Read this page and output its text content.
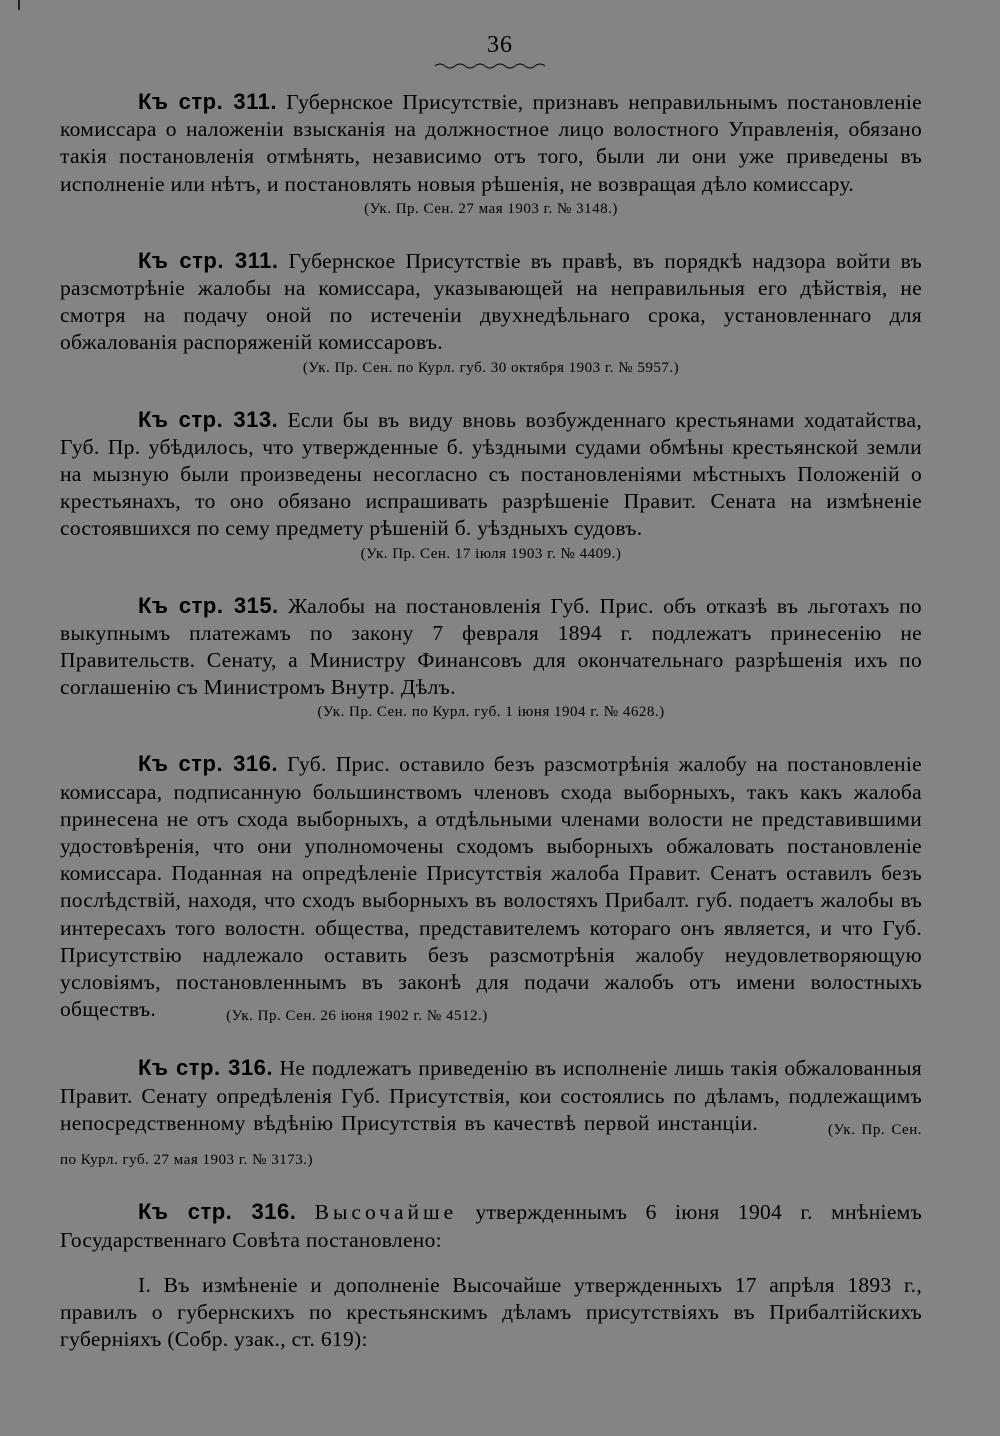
36

Къ стр. 311. Губернское Присутствіе, признавъ неправильнымъ постановленіе комиссара о наложеніи взысканія на должностное лицо волостного Управленія, обязано такія постановленія отмѣнять, независимо отъ того, были ли они уже приведены въ исполненіе или нѣтъ, и постановлять новыя рѣшенія, не возвращая дѣло комиссару.

(Ук. Пр. Сен. 27 мая 1903 г. № 3148.)

Къ стр. 311. Губернское Присутствіе въ правѣ, въ порядкѣ надзора войти въ разсмотрѣніе жалобы на комиссара, указывающей на неправильныя его дѣйствія, не смотря на подачу оной по истеченіи двухнедѣльнаго срока, установленнаго для обжалованія распоряженій комиссаровъ.

(Ук. Пр. Сен. по Курл. губ. 30 октября 1903 г. № 5957.)

Къ стр. 313. Если бы въ виду вновь возбужденнаго крестьянами ходатайства, Губ. Пр. убѣдилось, что утвержденные б. уѣздными судами обмѣны крестьянской земли на мызную были произведены несогласно съ постановленіями мѣстныхъ Положеній о крестьянахъ, то оно обязано испрашивать разрѣшеніе Правит. Сената на измѣненіе состоявшихся по сему предмету рѣшеній б. уѣздныхъ судовъ.

(Ук. Пр. Сен. 17 іюля 1903 г. № 4409.)

Къ стр. 315. Жалобы на постановленія Губ. Прис. объ отказѣ въ льготахъ по выкупнымъ платежамъ по закону 7 февраля 1894 г. подлежатъ принесенію не Правительств. Сенату, а Министру Финансовъ для окончательнаго разрѣшенія ихъ по соглашенію съ Министромъ Внутр. Дѣлъ.

(Ук. Пр. Сен. по Курл. губ. 1 іюня 1904 г. № 4628.)

Къ стр. 316. Губ. Прис. оставило безъ разсмотрѣнія жалобу на постановленіе комиссара, подписанную большинствомъ членовъ схода выборныхъ, такъ какъ жалоба принесена не отъ схода выборныхъ, а отдѣльными членами волости не представившими удостовѣренія, что они уполномочены сходомъ выборныхъ обжаловать постановленіе комиссара. Поданная на опредѣленіе Присутствія жалоба Правит. Сенатъ оставилъ безъ послѣдствій, находя, что сходъ выборныхъ въ волостяхъ Прибалт. губ. подаетъ жалобы въ интересахъ того волостн. общества, представителемъ котораго онъ является, и что Губ. Присутствію надлежало оставить безъ разсмотрѣнія жалобу неудовлетворяющую условіямъ, постановленнымъ въ законѣ для подачи жалобъ отъ имени волостныхъ обществъ.	(Ук. Пр. Сен. 26 іюня 1902 г. № 4512.)

Къ стр. 316. Не подлежатъ приведенію въ исполненіе лишь такія обжалованныя Правит. Сенату опредѣленія Губ. Присутствія, кои состоялись по дѣламъ, подлежащимъ непосредственному вѣдѣнію Присутствія въ качествѣ первой инстанціи.	(Ук. Пр. Сен. по Курл. губ. 27 мая 1903 г. № 3173.)

Къ стр. 316. Высочайше утвержденнымъ 6 іюня 1904 г. мнѣніемъ Государственнаго Совѣта постановлено:

I. Въ измѣненіе и дополненіе Высочайше утвержденныхъ 17 апрѣля 1893 г., правилъ о губернскихъ по крестьянскимъ дѣламъ присутствіяхъ въ Прибалтійскихъ губерніяхъ (Собр. узак., ст. 619):
